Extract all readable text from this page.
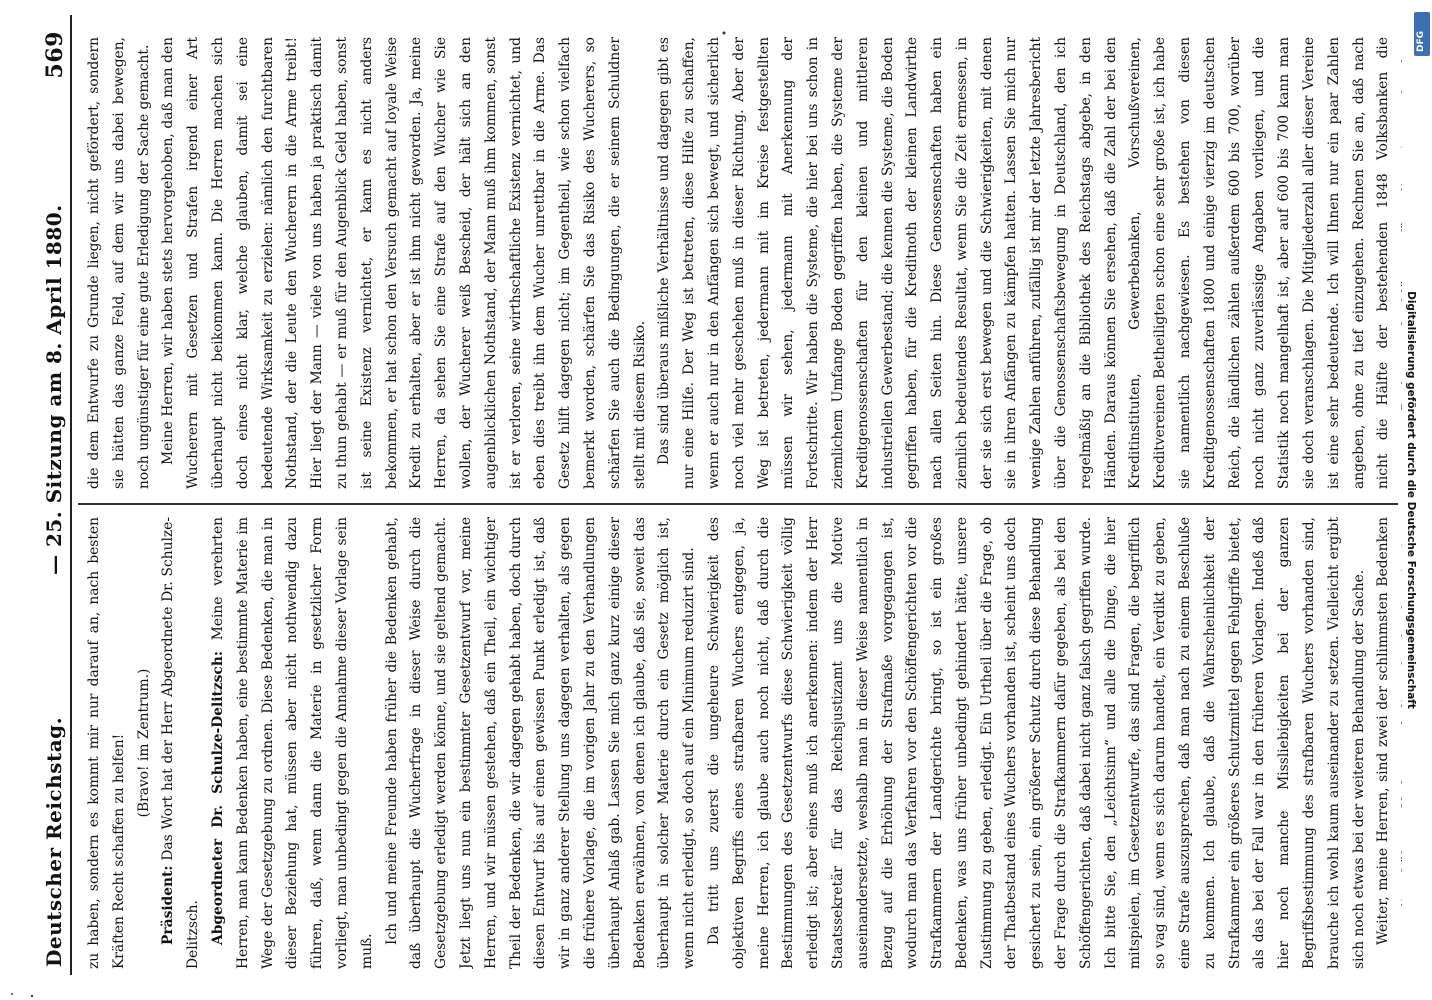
Deutscher Reichstag.
— 25. Sitzung am 8. April 1880.
569

zu haben, sondern es kommt mir nur darauf an, nach besten Kräften Recht schaffen zu helfen! (Bravo! im Zentrum.)

Präsident: Das Wort hat der Herr Abgeordnete Dr. Schulze-Delitzsch. Abgeordneter Dr. Schulze-Delitzsch: Meine verehrten Herren, man kann Bedenken haben, eine bestimmte Materie im Wege der Gesetzgebung zu ordnen. Diese Bedenken, die man in dieser Beziehung hat, müssen aber nicht nothwendig dazu führen, daß, wenn dann die Materie in gesetzlicher Form vorliegt, man unbedingt gegen die Annahme dieser Vorlage sein muß.

Ich und meine Freunde haben früher die Bedenken gehabt, daß überhaupt die Wucherfrage in dieser Weise durch die Gesetzgebung erledigt werden könne, und sie geltend gemacht. Jetzt liegt uns nun ein bestimmter Gesetzentwurf vor, meine Herren, und wir müssen gestehen, daß ein Theil, ein wichtiger Theil der Bedenken, die wir dagegen gehabt haben, doch durch diesen Entwurf bis auf einen gewissen Punkt erledigt ist, daß wir in ganz anderer Stellung uns dagegen verhalten, als gegen die frühere Vorlage, die im vorigen Jahr zu den Verhandlungen überhaupt Anlaß gab. Lassen Sie mich ganz kurz einige dieser Bedenken erwähnen, von denen ich glaube, daß sie, soweit das überhaupt in solcher Materie durch ein Gesetz möglich ist, wenn nicht erledigt, so doch auf ein Minimum reduzirt sind. Da tritt uns zuerst die ungeheure Schwierigkeit des objektiven Begriffs eines strafbaren Wuchers entgegen, ja, meine Herren, ich glaube auch noch nicht, daß durch die Bestimmungen des Gesetzentwurfs diese Schwierigkeit völlig erledigt ist; aber eines muß ich anerkennen: indem der Herr Staatssekretär für das Reichsjustizamt uns die Motive auseinandersetzte, weshalb man in dieser Weise namentlich in Bezug auf die Erhöhung der Strafmaße vorgegangen ist, wodurch man das Verfahren vor den Schöffengerichten vor die Strafkammern der Landgerichte bringt, so ist ein großes Bedenken, was uns früher unbedingt gehindert hätte, unsere Zustimmung zu geben, erledigt. Ein Urtheil über die Frage, ob der Thatbestand eines Wuchers vorhanden ist, scheint uns doch gesichert zu sein, ein größerer Schutz durch diese Behandlung der Frage durch die Strafkammern dafür gegeben, als bei den Schöffengerichten, daß dabei nicht ganz falsch gegriffen wurde. Ich bitte Sie, den „Leichtsinn“ und alle die Dinge, die hier mitspielen, im Gesetzentwurfe, das sind Fragen, die begrifflich so vag sind, wenn es sich darum handelt, ein Verdikt zu geben, eine Strafe auszusprechen, daß man nach zu einem Beschluße zu kommen. Ich glaube, daß die Wahrscheinlichkeit der Strafkammer ein größeres Schutzmittel gegen Fehlgriffe bietet, als das bei der Fall war in den früheren Vorlagen. Indeß daß hier noch manche Missliebigkeiten bei der ganzen Begriffsbestimmung des strafbaren Wuchers vorhanden sind, brauche ich wohl kaum auseinander zu setzen. Vielleicht ergibt sich noch etwas bei der weiteren Behandlung der Sache. Weiter, meine Herren, sind zwei der schlimmsten Bedenken

die dem Entwurfe zu Grunde liegen, nicht gefördert, sondern sie hätten das ganze Feld, auf dem wir uns dabei bewegen, noch ungünstiger für eine gute Erledigung der Sache gemacht. Meine Herren, wir haben stets hervorgehoben, daß man den Wucherern mit Gesetzen und Strafen irgend einer Art überhaupt nicht beikommen kann. Die Herren machen sich doch eines nicht klar, welche glauben, damit sei eine bedeutende Wirksamkeit zu erzielen: nämlich den furchtbaren Nothstand, der die Leute den Wucherern in die Arme treibt! Hier liegt der Mann — viele von uns haben ja praktisch damit zu thun gehabt — er muß für den Augenblick Geld haben, sonst ist seine Existenz vernichtet, er kann es nicht anders bekommen, er hat schon den Versuch gemacht auf loyale Weise Kredit zu erhalten, aber er ist ihm nicht geworden. Ja, meine Herren, da sehen Sie eine Strafe auf den Wucher wie Sie wollen, der Wucherer weiß Bescheid, der hält sich an den augenblicklichen Nothstand, der Mann muß ihm kommen, sonst ist er verloren, seine wirthschaftliche Existenz vernichtet, und eben dies treibt ihn dem Wucher unrettbar in die Arme. Das Gesetz hilft dagegen nicht; im Gegentheil, wie schon vielfach bemerkt worden, schärfen Sie das Risiko des Wucherers, so schärfen Sie auch die Bedingungen, die er seinem Schuldner stellt mit diesem Risiko. Das sind überaus mißliche Verhältnisse und dagegen gibt es nur eine Hilfe. Der Weg ist betreten, diese Hilfe zu schaffen, wenn er auch nur in den Anfängen sich bewegt, und sicherlich noch viel mehr geschehen muß in dieser Richtung. Aber der Weg ist betreten, jedermann mit im Kreise festgestellten müssen wir sehen, jedermann mit Anerkennung der Fortschritte. Wir haben die Systeme, die hier bei uns schon in ziemlichem Umfange Boden gegriffen haben, die Systeme der Kreditgenossenschaften für den kleinen und mittleren industriellen Gewerbestand; die kennen die Systeme, die Boden gegriffen haben, für die Kreditnoth der kleinen Landwirthe nach allen Seiten hin. Diese Genossenschaften haben ein ziemlich bedeutendes Resultat, wenn Sie die Zeit ermessen, in der sie sich erst bewegen und die Schwierigkeiten, mit denen sie in ihren Anfängen zu kämpfen hatten. Lassen Sie mich nur wenige Zahlen anführen, zufällig ist mir der letzte Jahresbericht über die Genossenschaftsbewegung in Deutschland, den ich regelmäßig an die Bibliothek des Reichstags abgebe, in den Händen. Daraus können Sie ersehen, daß die Zahl der bei den Kreditinstituten, Gewerbebanken, Vorschußvereinen, Kreditvereinen Betheiligten schon eine sehr große ist, ich habe sie namentlich nachgewiesen. Es bestehen von diesen Kreditgenossenschaften 1800 und einige vierzig im deutschen Reich, die ländlichen zählen außerdem 600 bis 700, worüber noch nicht ganz zuverlässige Angaben vorliegen, und die Statistik noch mangelhaft ist, aber auf 600 bis 700 kann man sie doch veranschlagen. Die Mitgliederzahl aller dieser Vereine ist eine sehr bedeutende. Ich will Ihnen nur ein paar Zahlen angeben, ohne zu tief einzugehen. Rechnen Sie an, daß nach nicht die Hälfte der bestehenden 1848 Volksbanken die	DFG
Digitalisierung gefördert durch die Deutsche Forschungsgemeinschaft
